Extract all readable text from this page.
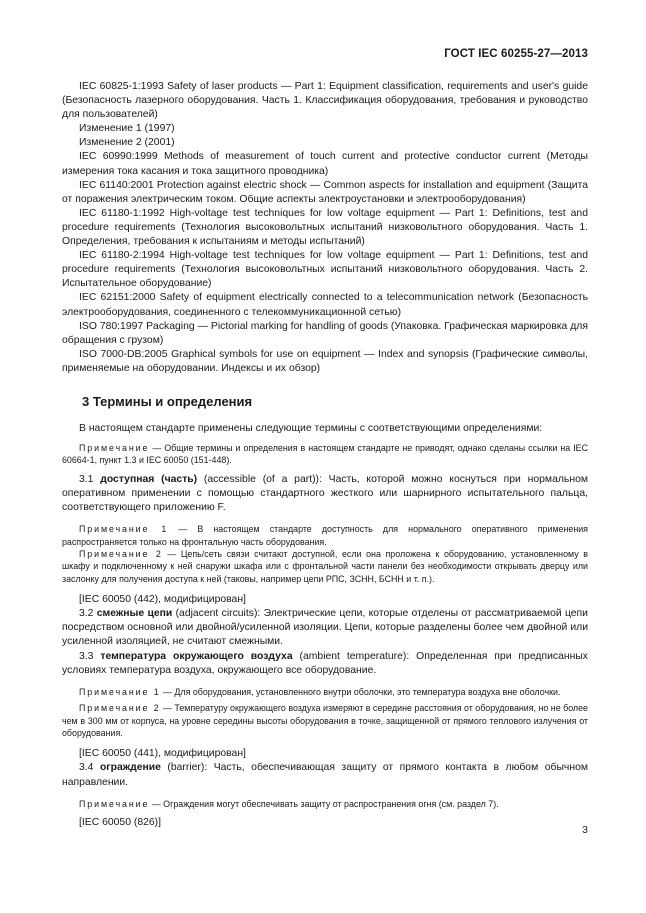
ГОСТ IEC 60255-27—2013

IEC 60825-1:1993 Safety of laser products — Part 1: Equipment classification, requirements and user's guide (Безопасность лазерного оборудования. Часть 1. Классификация оборудования, требования и руководство для пользователей)

Изменение 1 (1997)

Изменение 2 (2001)

IEC 60990:1999 Methods of measurement of touch current and protective conductor current (Методы измерения тока касания и тока защитного проводника)

IEC 61140:2001 Protection against electric shock — Common aspects for installation and equipment (Защита от поражения электрическим током. Общие аспекты электроустановки и электрооборудования)

IEC 61180-1:1992 High-voltage test techniques for low voltage equipment — Part 1: Definitions, test and procedure requirements (Технология высоковольтных испытаний низковольтного оборудования. Часть 1. Определения, требования к испытаниям и методы испытаний)

IEC 61180-2:1994 High-voltage test techniques for low voltage equipment — Part 1: Definitions, test and procedure requirements (Технология высоковольтных испытаний низковольтного оборудования. Часть 2. Испытательное оборудование)

IEC 62151:2000 Safety of equipment electrically connected to a telecommunication network (Безопасность электрооборудования, соединенного с телекоммуникационной сетью)

ISO 780:1997 Packaging — Pictorial marking for handling of goods (Упаковка. Графическая маркировка для обращения с грузом)

ISO 7000-DB:2005 Graphical symbols for use on equipment — Index and synopsis (Графические символы, применяемые на оборудовании. Индексы и их обзор)

3 Термины и определения

В настоящем стандарте применены следующие термины с соответствующими определениями:

Примечание — Общие термины и определения в настоящем стандарте не приводят, однако сделаны ссылки на IEC 60664-1, пункт 1.3 и IEC 60050 (151-448).

3.1 доступная (часть) (accessible (of a part)): Часть, которой можно коснуться при нормальном оперативном применении с помощью стандартного жесткого или шарнирного испытательного пальца, соответствующего приложению F.

Примечание 1 — В настоящем стандарте доступность для нормального оперативного применения распространяется только на фронтальную часть оборудования.

Примечание 2 — Цепь/сеть связи считают доступной, если она проложена к оборудованию, установленному в шкафу и подключенному к ней снаружи шкафа или с фронтальной части панели без необходимости открывать дверцу или заслонку для получения доступа к ней (таковы, например цепи РПС, ЗСНН, БСНН и т. п.).

[IEC 60050 (442), модифицирован]

3.2 смежные цепи (adjacent circuits): Электрические цепи, которые отделены от рассматриваемой цепи посредством основной или двойной/усиленной изоляции. Цепи, которые разделены более чем двойной или усиленной изоляцией, не считают смежными.

3.3 температура окружающего воздуха (ambient temperature): Определенная при предписанных условиях температура воздуха, окружающего все оборудование.

Примечание 1 — Для оборудования, установленного внутри оболочки, это температура воздуха вне оболочки.

Примечание 2 — Температуру окружающего воздуха измеряют в середине расстояния от оборудования, но не более чем в 300 мм от корпуса, на уровне середины высоты оборудования в точке, защищенной от прямого теплового излучения от оборудования.

[IEC 60050 (441), модифицирован]

3.4 ограждение (barrier): Часть, обеспечивающая защиту от прямого контакта в любом обычном направлении.

Примечание — Ограждения могут обеспечивать защиту от распространения огня (см. раздел 7).

[IEC 60050 (826)]

3
